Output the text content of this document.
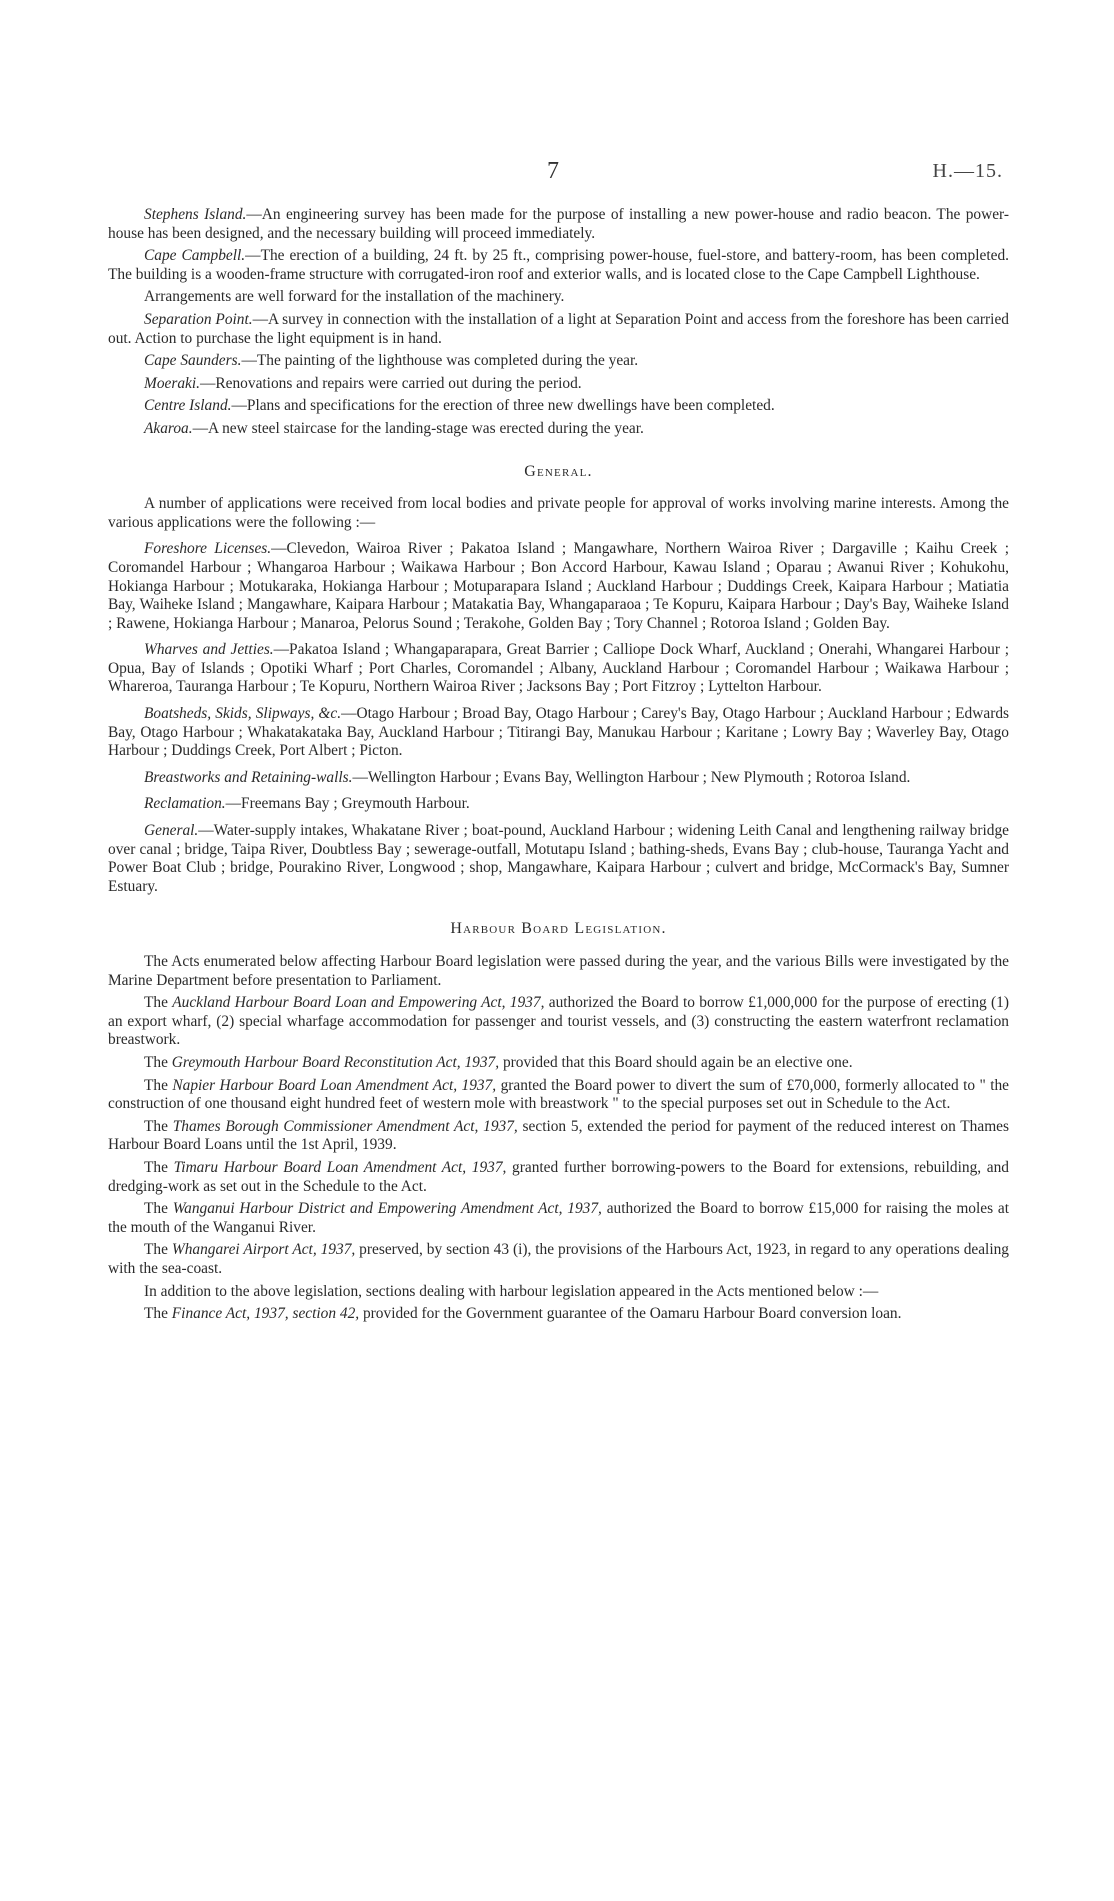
7	H.—15.

Stephens Island.—An engineering survey has been made for the purpose of installing a new power-house and radio beacon. The power-house has been designed, and the necessary building will proceed immediately.

Cape Campbell.—The erection of a building, 24 ft. by 25 ft., comprising power-house, fuel-store, and battery-room, has been completed. The building is a wooden-frame structure with corrugated-iron roof and exterior walls, and is located close to the Cape Campbell Lighthouse.

Arrangements are well forward for the installation of the machinery.

Separation Point.—A survey in connection with the installation of a light at Separation Point and access from the foreshore has been carried out. Action to purchase the light equipment is in hand.

Cape Saunders.—The painting of the lighthouse was completed during the year.

Moeraki.—Renovations and repairs were carried out during the period.

Centre Island.—Plans and specifications for the erection of three new dwellings have been completed.

Akaroa.—A new steel staircase for the landing-stage was erected during the year.

General.

A number of applications were received from local bodies and private people for approval of works involving marine interests. Among the various applications were the following :—

Foreshore Licenses.—Clevedon, Wairoa River ; Pakatoa Island ; Mangawhare, Northern Wairoa River ; Dargaville ; Kaihu Creek ; Coromandel Harbour ; Whangaroa Harbour ; Waikawa Harbour ; Bon Accord Harbour, Kawau Island ; Oparau ; Awanui River ; Kohukohu, Hokianga Harbour ; Motukaraka, Hokianga Harbour ; Motuparapara Island ; Auckland Harbour ; Duddings Creek, Kaipara Harbour ; Matiatia Bay, Waiheke Island ; Mangawhare, Kaipara Harbour ; Matakatia Bay, Whangaparaoa ; Te Kopuru, Kaipara Harbour ; Day's Bay, Waiheke Island ; Rawene, Hokianga Harbour ; Manaroa, Pelorus Sound ; Terakohe, Golden Bay ; Tory Channel ; Rotoroa Island ; Golden Bay.

Wharves and Jetties.—Pakatoa Island ; Whangaparapara, Great Barrier ; Calliope Dock Wharf, Auckland ; Onerahi, Whangarei Harbour ; Opua, Bay of Islands ; Opotiki Wharf ; Port Charles, Coromandel ; Albany, Auckland Harbour ; Coromandel Harbour ; Waikawa Harbour ; Whareroa, Tauranga Harbour ; Te Kopuru, Northern Wairoa River ; Jacksons Bay ; Port Fitzroy ; Lyttelton Harbour.

Boatsheds, Skids, Slipways, &c.—Otago Harbour ; Broad Bay, Otago Harbour ; Carey's Bay, Otago Harbour ; Auckland Harbour ; Edwards Bay, Otago Harbour ; Whakatakataka Bay, Auckland Harbour ; Titirangi Bay, Manukau Harbour ; Karitane ; Lowry Bay ; Waverley Bay, Otago Harbour ; Duddings Creek, Port Albert ; Picton.

Breastworks and Retaining-walls.—Wellington Harbour ; Evans Bay, Wellington Harbour ; New Plymouth ; Rotoroa Island.

Reclamation.—Freemans Bay ; Greymouth Harbour.

General.—Water-supply intakes, Whakatane River ; boat-pound, Auckland Harbour ; widening Leith Canal and lengthening railway bridge over canal ; bridge, Taipa River, Doubtless Bay ; sewerage-outfall, Motutapu Island ; bathing-sheds, Evans Bay ; club-house, Tauranga Yacht and Power Boat Club ; bridge, Pourakino River, Longwood ; shop, Mangawhare, Kaipara Harbour ; culvert and bridge, McCormack's Bay, Sumner Estuary.

Harbour Board Legislation.

The Acts enumerated below affecting Harbour Board legislation were passed during the year, and the various Bills were investigated by the Marine Department before presentation to Parliament.

The Auckland Harbour Board Loan and Empowering Act, 1937, authorized the Board to borrow £1,000,000 for the purpose of erecting (1) an export wharf, (2) special wharfage accommodation for passenger and tourist vessels, and (3) constructing the eastern waterfront reclamation breastwork.

The Greymouth Harbour Board Reconstitution Act, 1937, provided that this Board should again be an elective one.

The Napier Harbour Board Loan Amendment Act, 1937, granted the Board power to divert the sum of £70,000, formerly allocated to " the construction of one thousand eight hundred feet of western mole with breastwork " to the special purposes set out in Schedule to the Act.

The Thames Borough Commissioner Amendment Act, 1937, section 5, extended the period for payment of the reduced interest on Thames Harbour Board Loans until the 1st April, 1939.

The Timaru Harbour Board Loan Amendment Act, 1937, granted further borrowing-powers to the Board for extensions, rebuilding, and dredging-work as set out in the Schedule to the Act.

The Wanganui Harbour District and Empowering Amendment Act, 1937, authorized the Board to borrow £15,000 for raising the moles at the mouth of the Wanganui River.

The Whangarei Airport Act, 1937, preserved, by section 43 (i), the provisions of the Harbours Act, 1923, in regard to any operations dealing with the sea-coast.

In addition to the above legislation, sections dealing with harbour legislation appeared in the Acts mentioned below :—

The Finance Act, 1937, section 42, provided for the Government guarantee of the Oamaru Harbour Board conversion loan.
